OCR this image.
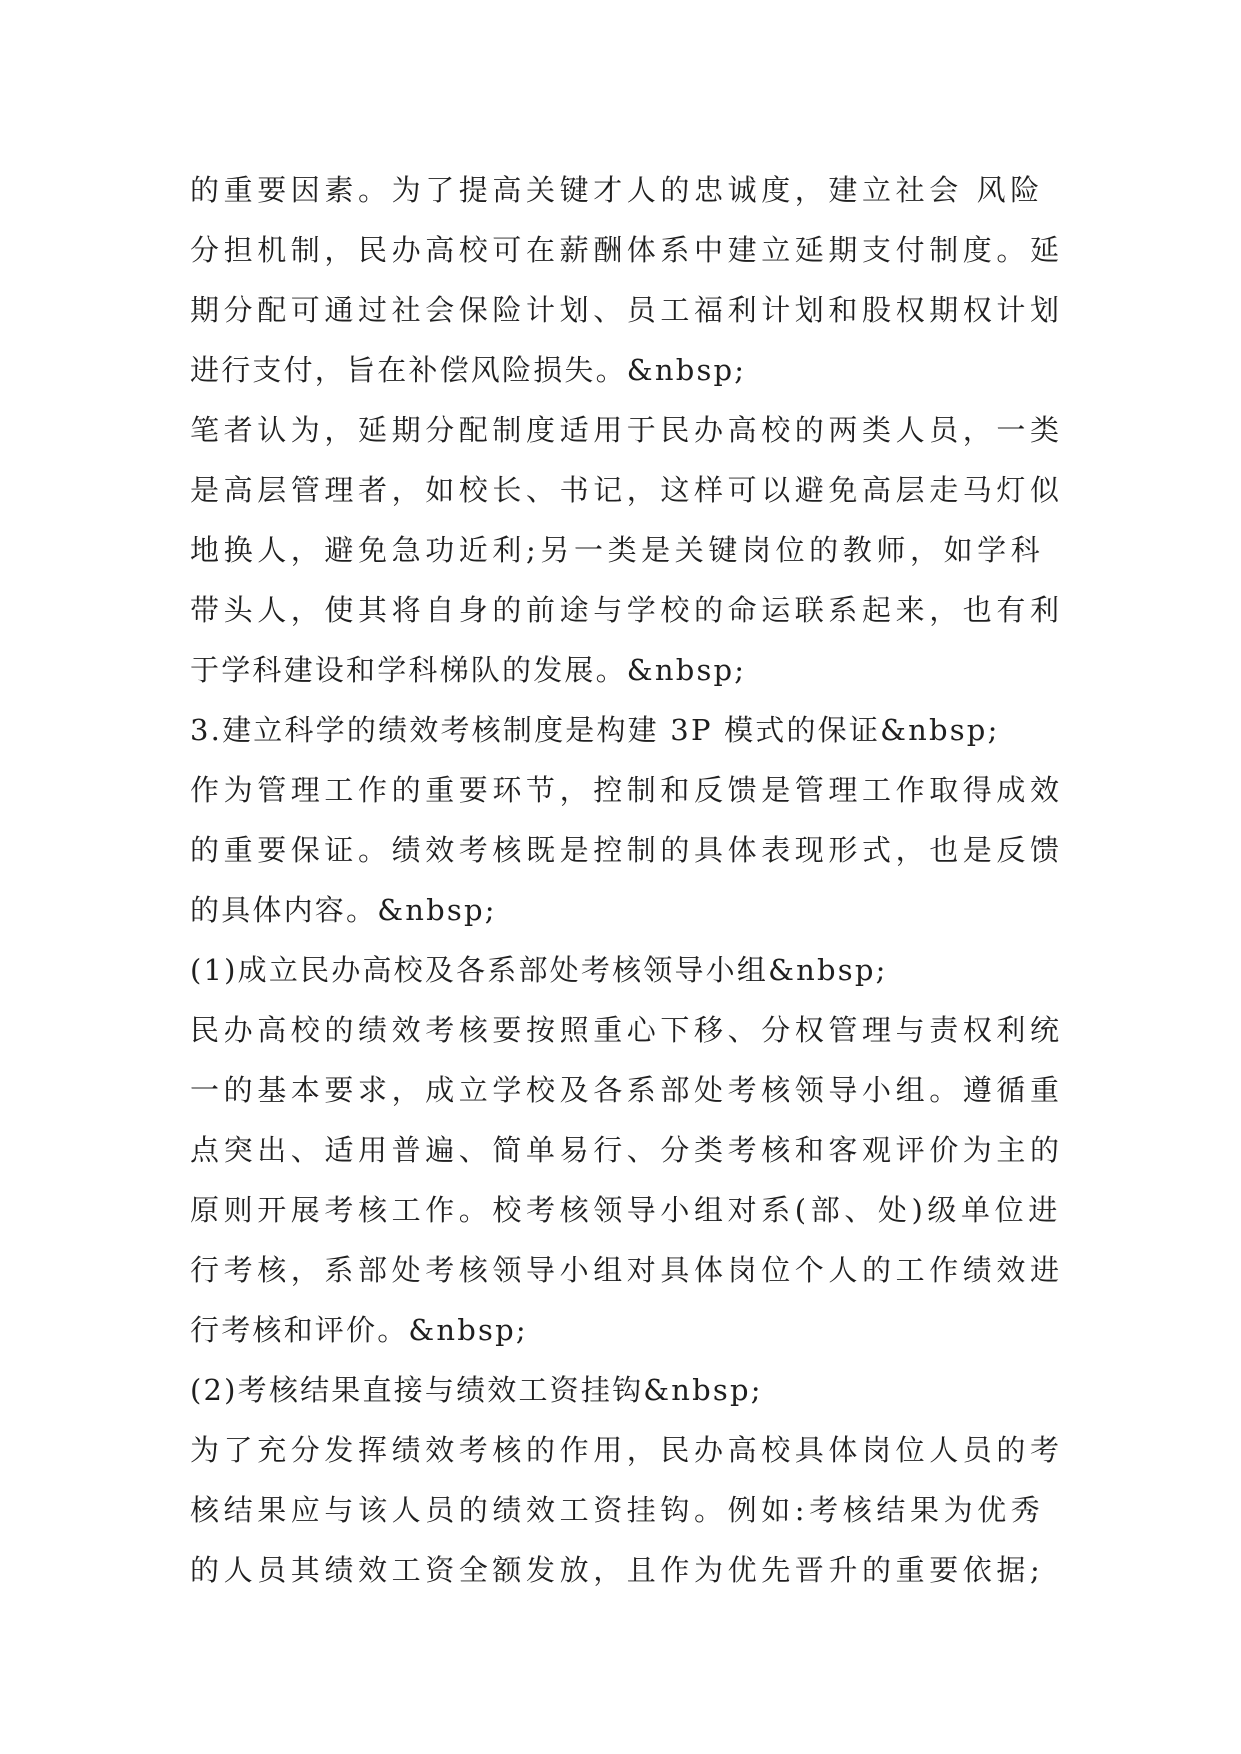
的重要因素。为了提高关键才人的忠诚度，建立社会 风险
分担机制，民办高校可在薪酬体系中建立延期支付制度。延
期分配可通过社会保险计划、员工福利计划和股权期权计划
进行支付，旨在补偿风险损失。&nbsp;
笔者认为，延期分配制度适用于民办高校的两类人员，一类
是高层管理者，如校长、书记，这样可以避免高层走马灯似
地换人，避免急功近利;另一类是关键岗位的教师，如学科
带头人，使其将自身的前途与学校的命运联系起来，也有利
于学科建设和学科梯队的发展。&nbsp;
3.建立科学的绩效考核制度是构建 3P 模式的保证&nbsp;
作为管理工作的重要环节，控制和反馈是管理工作取得成效
的重要保证。绩效考核既是控制的具体表现形式，也是反馈
的具体内容。&nbsp;
(1)成立民办高校及各系部处考核领导小组&nbsp;
民办高校的绩效考核要按照重心下移、分权管理与责权利统
一的基本要求，成立学校及各系部处考核领导小组。遵循重
点突出、适用普遍、简单易行、分类考核和客观评价为主的
原则开展考核工作。校考核领导小组对系(部、处)级单位进
行考核，系部处考核领导小组对具体岗位个人的工作绩效进
行考核和评价。&nbsp;
(2)考核结果直接与绩效工资挂钩&nbsp;
为了充分发挥绩效考核的作用，民办高校具体岗位人员的考
核结果应与该人员的绩效工资挂钩。例如:考核结果为优秀
的人员其绩效工资全额发放，且作为优先晋升的重要依据;
